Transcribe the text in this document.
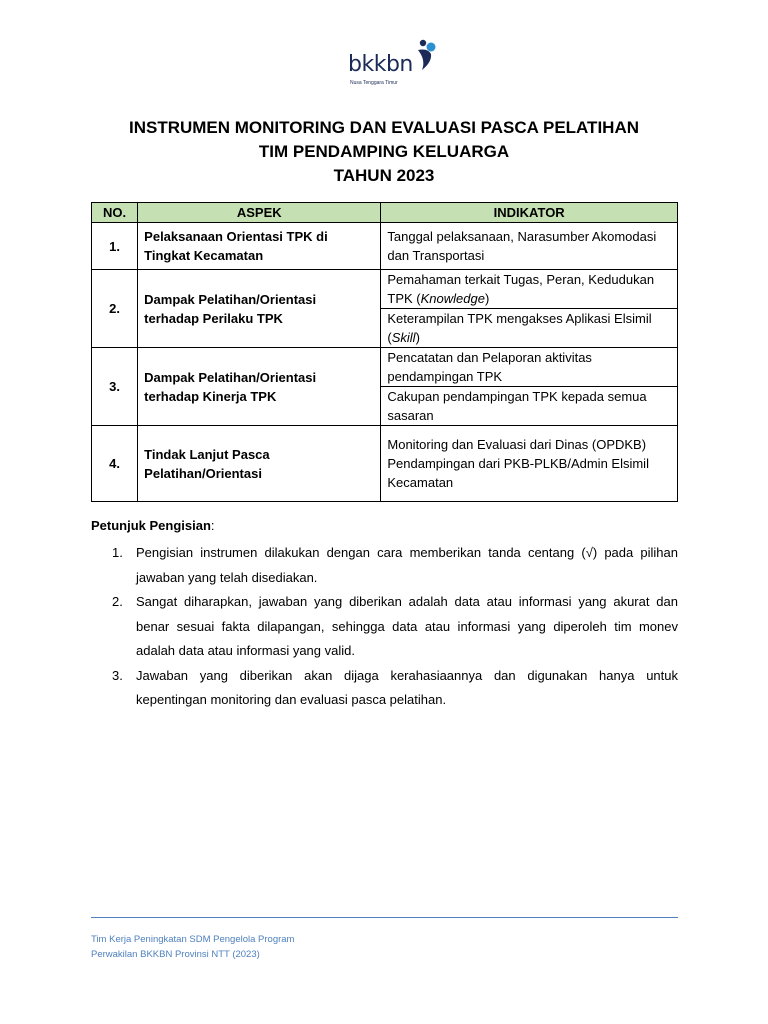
bkkbn
Nusa Tenggara Timur
INSTRUMEN MONITORING DAN EVALUASI PASCA PELATIHAN
TIM PENDAMPING KELUARGA
TAHUN 2023
NO.	ASPEK	INDIKATOR
1.	Pelaksanaan Orientasi TPK di Tingkat Kecamatan	Tanggal pelaksanaan, Narasumber Akomodasi dan Transportasi
2.	Dampak Pelatihan/Orientasi terhadap Perilaku TPK	Pemahaman terkait Tugas, Peran, Kedudukan TPK (Knowledge)
		Keterampilan TPK mengakses Aplikasi Elsimil (Skill)
3.	Dampak Pelatihan/Orientasi terhadap Kinerja TPK	Pencatatan dan Pelaporan aktivitas pendampingan TPK
		Cakupan pendampingan TPK kepada semua sasaran
4.	Tindak Lanjut Pasca Pelatihan/Orientasi	Monitoring dan Evaluasi dari Dinas (OPDKB)
Pendampingan dari PKB-PLKB/Admin Elsimil Kecamatan
Petunjuk Pengisian:
1. Pengisian instrumen dilakukan dengan cara memberikan tanda centang (√) pada pilihan jawaban yang telah disediakan.
2. Sangat diharapkan, jawaban yang diberikan adalah data atau informasi yang akurat dan benar sesuai fakta dilapangan, sehingga data atau informasi yang diperoleh tim monev adalah data atau informasi yang valid.
3. Jawaban yang diberikan akan dijaga kerahasiaannya dan digunakan hanya untuk kepentingan monitoring dan evaluasi pasca pelatihan.
Tim Kerja Peningkatan SDM Pengelola Program
Perwakilan BKKBN Provinsi NTT (2023)
